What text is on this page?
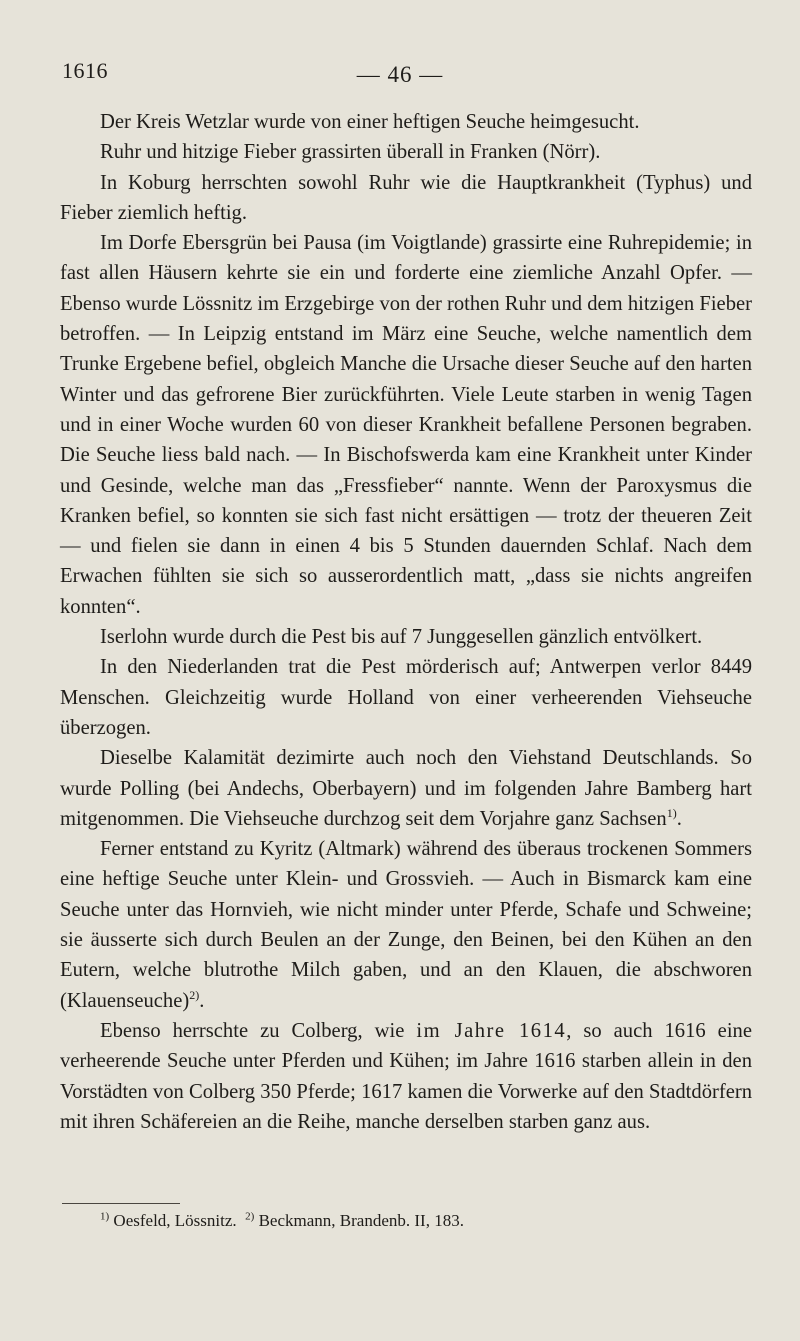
1616	— 46 —

Der Kreis Wetzlar wurde von einer heftigen Seuche heimgesucht.

Ruhr und hitzige Fieber grassirten überall in Franken (Nörr).

In Koburg herrschten sowohl Ruhr wie die Hauptkrankheit (Typhus) und Fieber ziemlich heftig.

Im Dorfe Ebersgrün bei Pausa (im Voigtlande) grassirte eine Ruhrepidemie; in fast allen Häusern kehrte sie ein und forderte eine ziemliche Anzahl Opfer. — Ebenso wurde Lössnitz im Erzgebirge von der rothen Ruhr und dem hitzigen Fieber betroffen. — In Leipzig entstand im März eine Seuche, welche namentlich dem Trunke Ergebene befiel, obgleich Manche die Ursache dieser Seuche auf den harten Winter und das gefrorene Bier zurückführten. Viele Leute starben in wenig Tagen und in einer Woche wurden 60 von dieser Krankheit befallene Personen begraben. Die Seuche liess bald nach. — In Bischofswerda kam eine Krankheit unter Kinder und Gesinde, welche man das „Fressfieber“ nannte. Wenn der Paroxysmus die Kranken befiel, so konnten sie sich fast nicht ersättigen — trotz der theueren Zeit — und fielen sie dann in einen 4 bis 5 Stunden dauernden Schlaf. Nach dem Erwachen fühlten sie sich so ausserordentlich matt, „dass sie nichts angreifen konnten“.

Iserlohn wurde durch die Pest bis auf 7 Junggesellen gänzlich entvölkert.

In den Niederlanden trat die Pest mörderisch auf; Antwerpen verlor 8449 Menschen. Gleichzeitig wurde Holland von einer verheerenden Viehseuche überzogen.

Dieselbe Kalamität dezimirte auch noch den Viehstand Deutschlands. So wurde Polling (bei Andechs, Oberbayern) und im folgenden Jahre Bamberg hart mitgenommen. Die Viehseuche durchzog seit dem Vorjahre ganz Sachsen$^{1)}$.

Ferner entstand zu Kyritz (Altmark) während des überaus trockenen Sommers eine heftige Seuche unter Klein- und Grossvieh. — Auch in Bismarck kam eine Seuche unter das Hornvieh, wie nicht minder unter Pferde, Schafe und Schweine; sie äusserte sich durch Beulen an der Zunge, den Beinen, bei den Kühen an den Eutern, welche blutrothe Milch gaben, und an den Klauen, die abschworen (Klauenseuche)$^{2)}$.

Ebenso herrschte zu Colberg, wie im Jahre 1614, so auch 1616 eine verheerende Seuche unter Pferden und Kühen; im Jahre 1616 starben allein in den Vorstädten von Colberg 350 Pferde; 1617 kamen die Vorwerke auf den Stadtdörfern mit ihren Schäfereien an die Reihe, manche derselben starben ganz aus.

$^{1)}$ Oesfeld, Lössnitz. $^{2)}$ Beckmann, Brandenb. II, 183.
